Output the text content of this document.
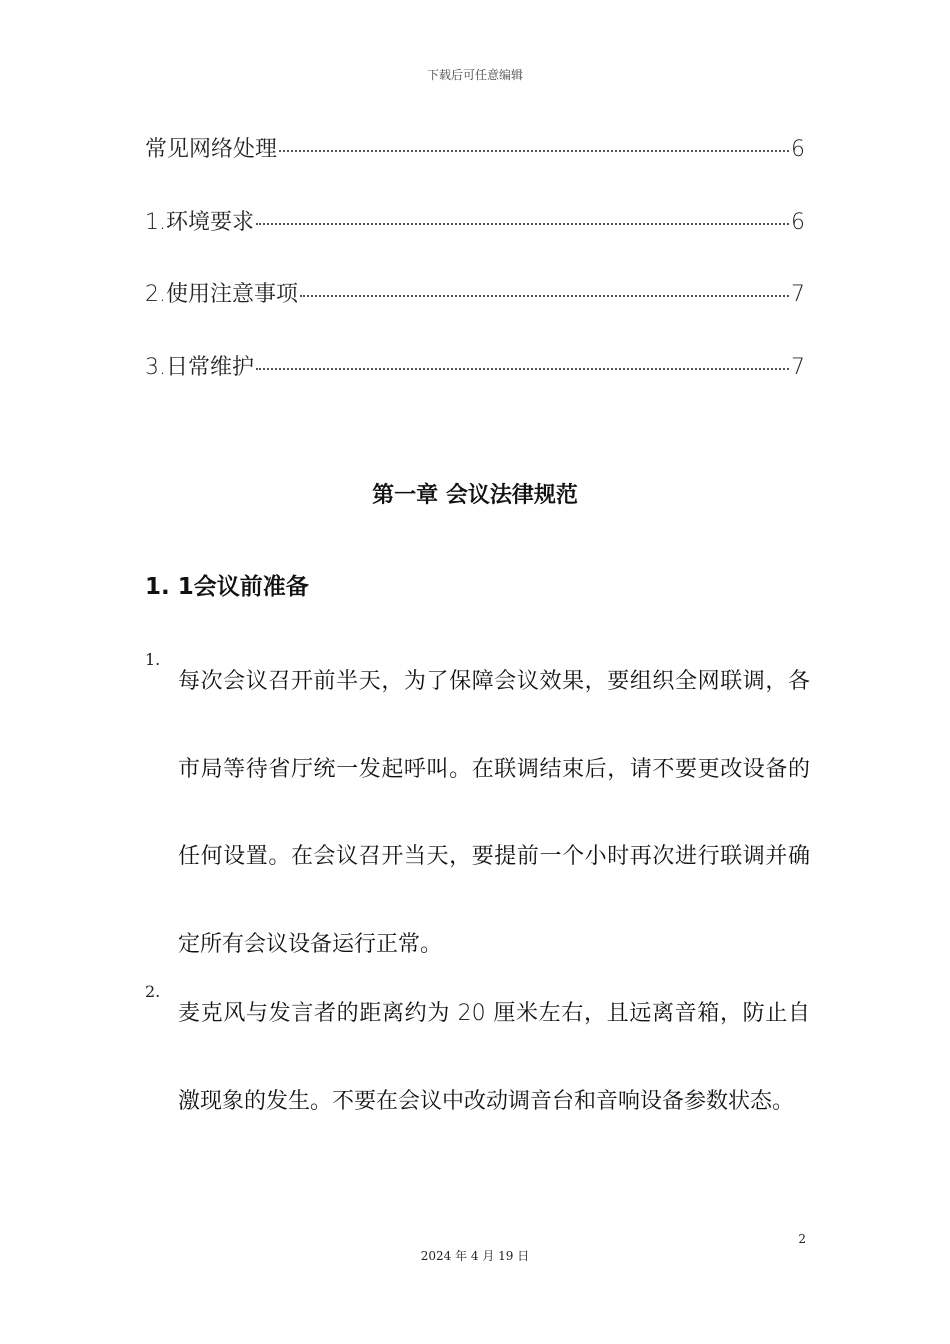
下载后可任意编辑
常见网络处理	6
1.环境要求	6
2.使用注意事项	7
3.日常维护	7
第一章 会议法律规范
1. 1会议前准备
1.
每次会议召开前半天，为了保障会议效果，要组织全网联调，各市局等待省厅统一发起呼叫。在联调结束后，请不要更改设备的任何设置。在会议召开当天，要提前一个小时再次进行联调并确定所有会议设备运行正常。
2.
麦克风与发言者的距离约为 20 厘米左右，且远离音箱，防止自激现象的发生。不要在会议中改动调音台和音响设备参数状态。
2
2024 年 4 月 19 日
